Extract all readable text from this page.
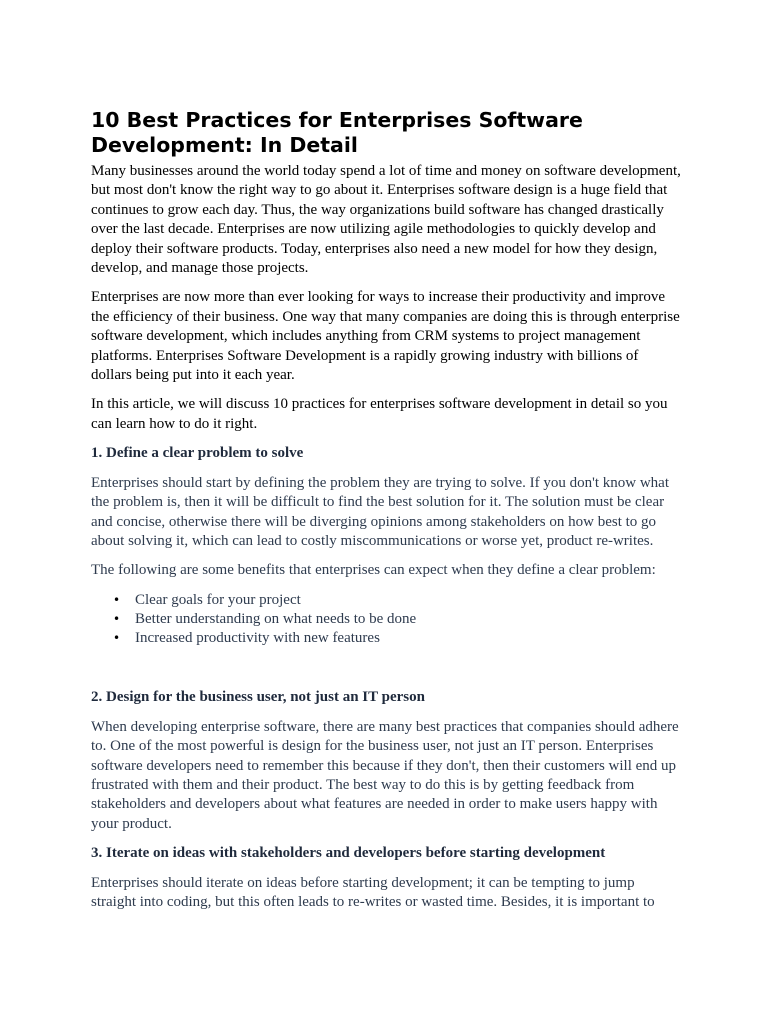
10 Best Practices for Enterprises Software Development: In Detail

Many businesses around the world today spend a lot of time and money on software development, but most don't know the right way to go about it. Enterprises software design is a huge field that continues to grow each day. Thus, the way organizations build software has changed drastically over the last decade. Enterprises are now utilizing agile methodologies to quickly develop and deploy their software products. Today, enterprises also need a new model for how they design, develop, and manage those projects.

Enterprises are now more than ever looking for ways to increase their productivity and improve the efficiency of their business. One way that many companies are doing this is through enterprise software development, which includes anything from CRM systems to project management platforms. Enterprises Software Development is a rapidly growing industry with billions of dollars being put into it each year.

In this article, we will discuss 10 practices for enterprises software development in detail so you can learn how to do it right.

1. Define a clear problem to solve

Enterprises should start by defining the problem they are trying to solve. If you don't know what the problem is, then it will be difficult to find the best solution for it. The solution must be clear and concise, otherwise there will be diverging opinions among stakeholders on how best to go about solving it, which can lead to costly miscommunications or worse yet, product re-writes.

The following are some benefits that enterprises can expect when they define a clear problem:

• Clear goals for your project
• Better understanding on what needs to be done
• Increased productivity with new features
2. Design for the business user, not just an IT person

When developing enterprise software, there are many best practices that companies should adhere to. One of the most powerful is design for the business user, not just an IT person. Enterprises software developers need to remember this because if they don't, then their customers will end up frustrated with them and their product. The best way to do this is by getting feedback from stakeholders and developers about what features are needed in order to make users happy with your product.

3. Iterate on ideas with stakeholders and developers before starting development

Enterprises should iterate on ideas before starting development; it can be tempting to jump straight into coding, but this often leads to re-writes or wasted time. Besides, it is important to
